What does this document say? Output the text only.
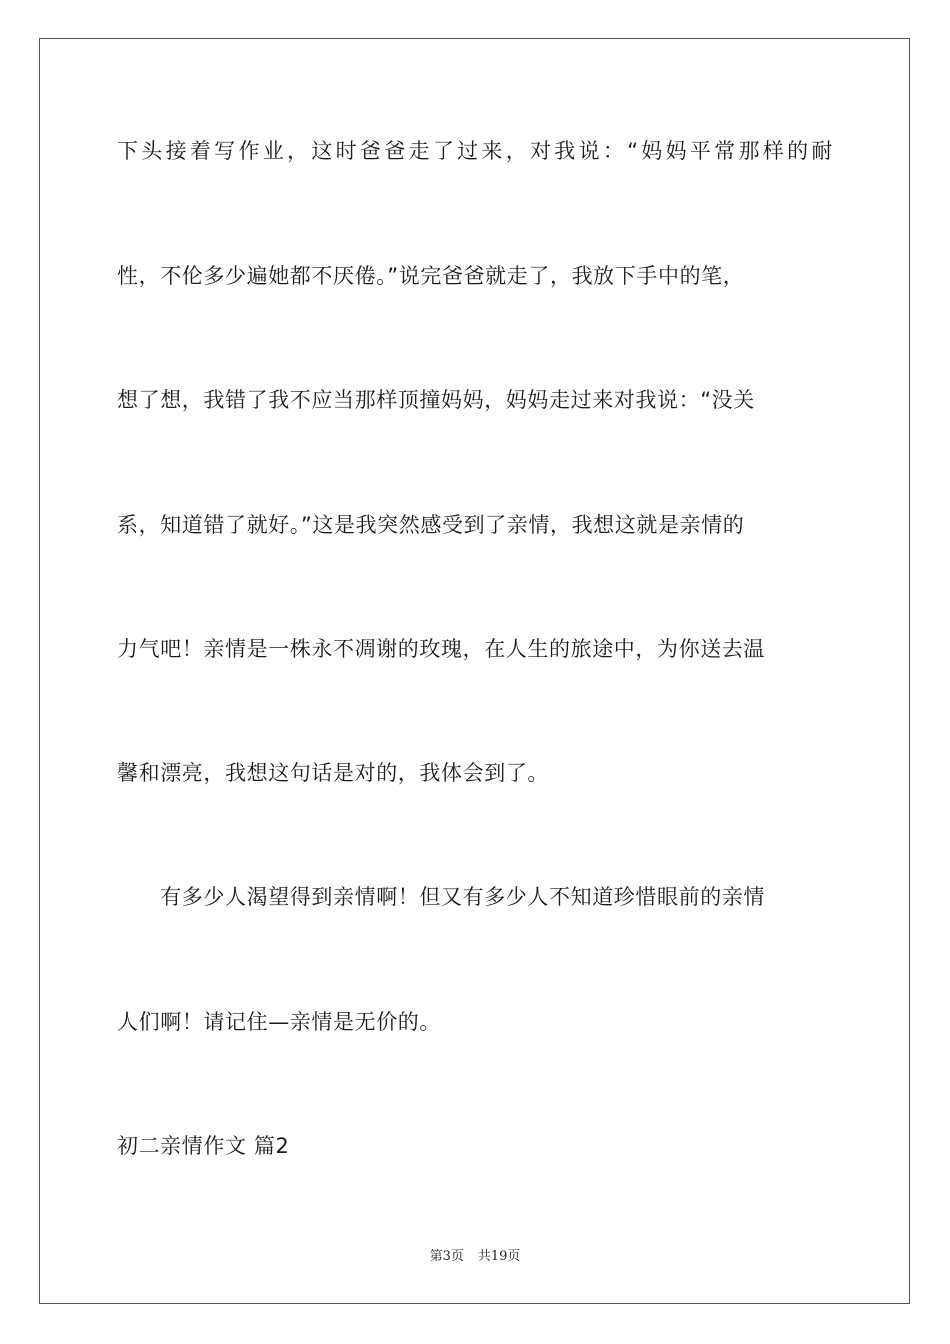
下头接着写作业，这时爸爸走了过来，对我说：“妈妈平常那样的耐
性，不伦多少遍她都不厌倦。”说完爸爸就走了，我放下手中的笔，
想了想，我错了我不应当那样顶撞妈妈，妈妈走过来对我说：“没关
系，知道错了就好。”这是我突然感受到了亲情，我想这就是亲情的
力气吧！亲情是一株永不凋谢的玫瑰，在人生的旅途中，为你送去温
馨和漂亮，我想这句话是对的，我体会到了。
　　有多少人渴望得到亲情啊！但又有多少人不知道珍惜眼前的亲情
人们啊！请记住—亲情是无价的。
初二亲情作文 篇2
第3页 共19页
